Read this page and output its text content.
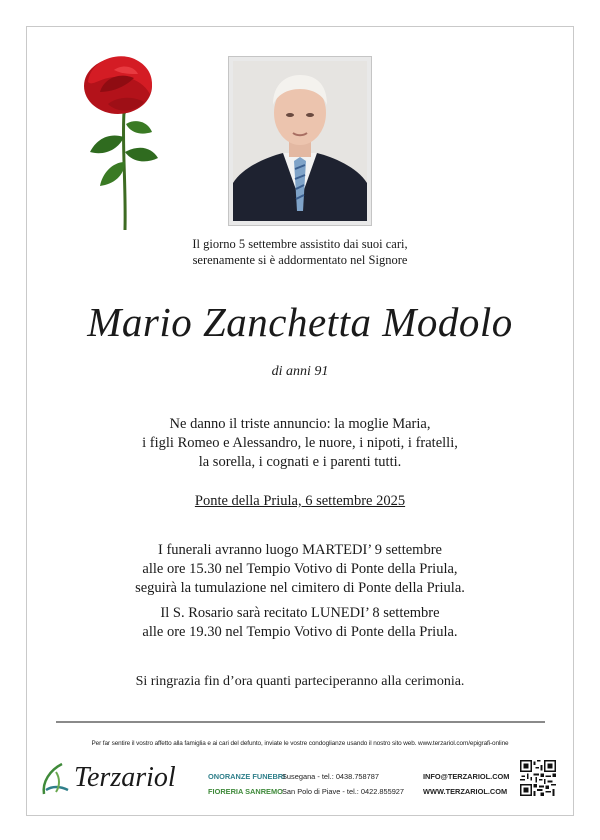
Il giorno 5 settembre assistito dai suoi cari,
serenamente si è addormentato nel Signore
Mario Zanchetta Modolo
di anni 91
Ne danno il triste annuncio: la moglie Maria,
i figli Romeo e Alessandro, le nuore, i nipoti, i fratelli,
la sorella, i cognati e i parenti tutti.
Ponte della Priula, 6 settembre 2025
I funerali avranno luogo MARTEDI’ 9 settembre
alle ore 15.30 nel Tempio Votivo di Ponte della Priula,
seguirà la tumulazione nel cimitero di Ponte della Priula.
Il S. Rosario sarà recitato LUNEDI’ 8 settembre
alle ore 19.30 nel Tempio Votivo di Ponte della Priula.
Si ringrazia fin d’ora quanti parteciperanno alla cerimonia.
Per far sentire il vostro affetto alla famiglia e ai cari del defunto, inviate le vostre condoglianze usando il nostro sito web. www.terzariol.com/epigrafi-online
Terzariol	ONORANZE FUNEBRI
FIORERIA SANREMO
Susegana - tel.: 0438.758787
San Polo di Piave - tel.: 0422.855927
INFO@TERZARIOL.COM
WWW.TERZARIOL.COM
